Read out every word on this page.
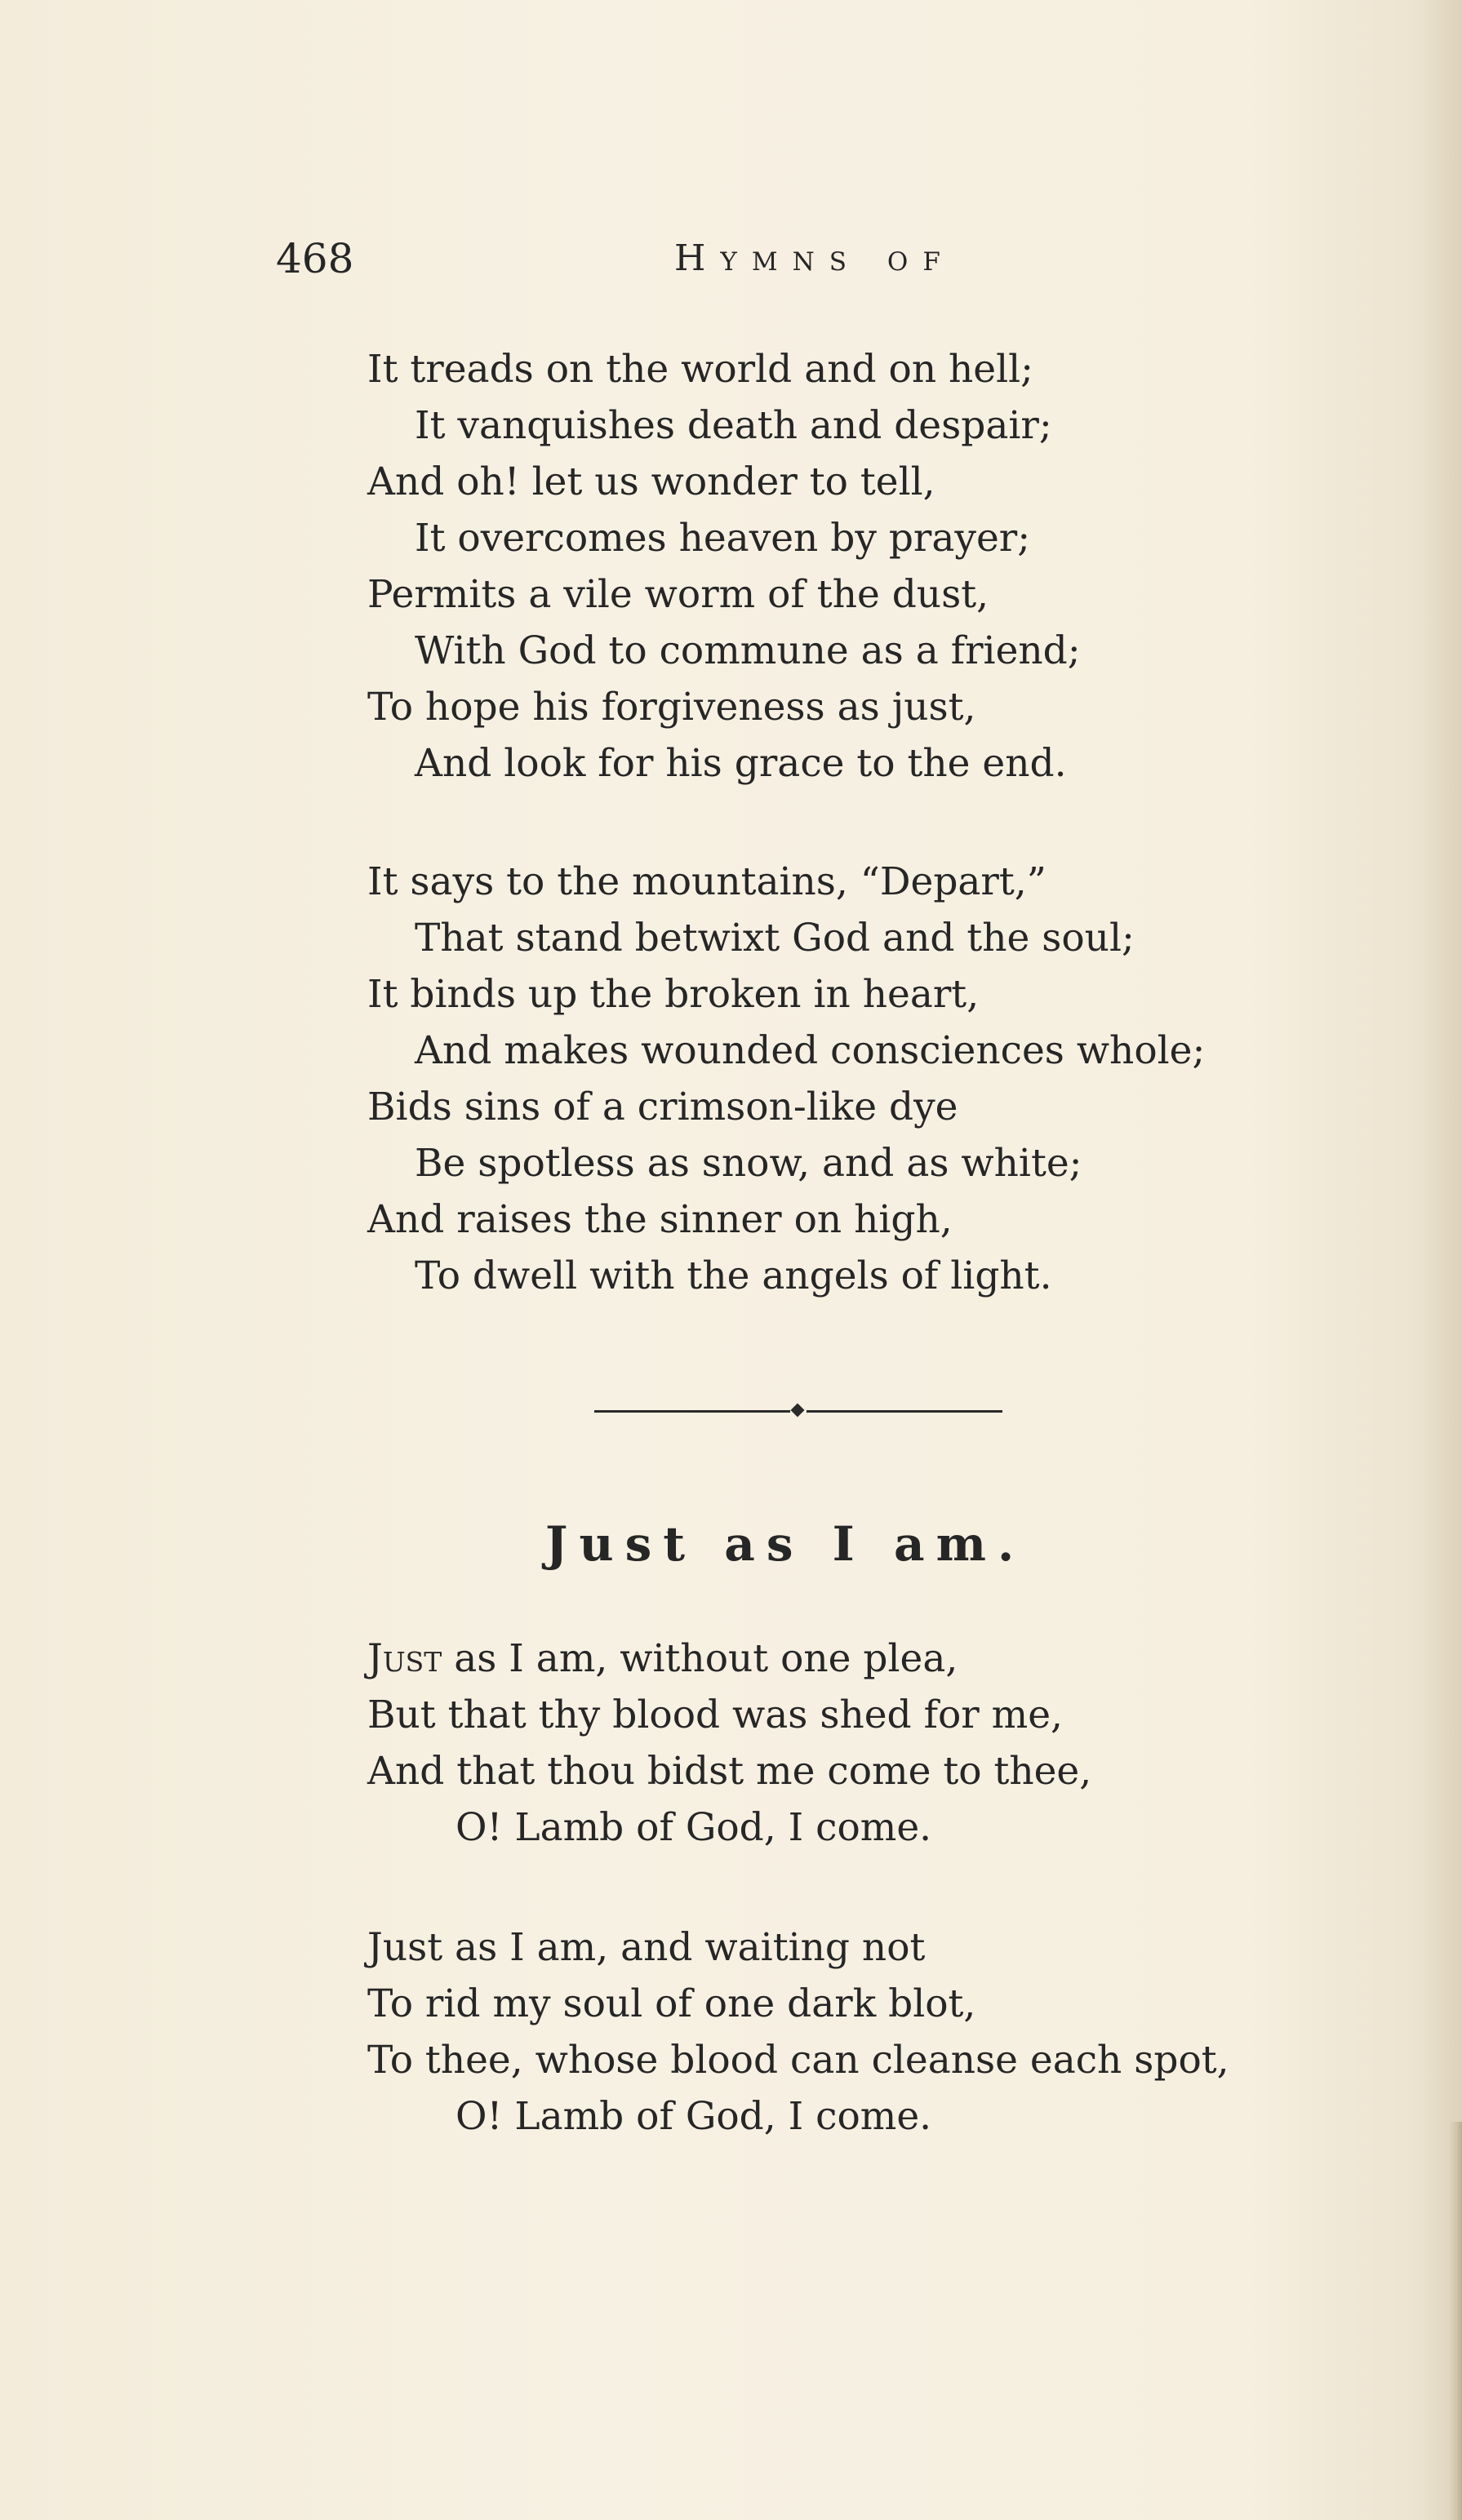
468	Hymns of
It treads on the world and on hell;
It vanquishes death and despair;
And oh! let us wonder to tell,
It overcomes heaven by prayer;
Permits a vile worm of the dust,
With God to commune as a friend;
To hope his forgiveness as just,
And look for his grace to the end.
It says to the mountains, “Depart,”
That stand betwixt God and the soul;
It binds up the broken in heart,
And makes wounded consciences whole;
Bids sins of a crimson-like dye
Be spotless as snow, and as white;
And raises the sinner on high,
To dwell with the angels of light.
Just as I am.
Just as I am, without one plea,
But that thy blood was shed for me,
And that thou bidst me come to thee,
O! Lamb of God, I come.
Just as I am, and waiting not
To rid my soul of one dark blot,
To thee, whose blood can cleanse each spot,
O! Lamb of God, I come.
